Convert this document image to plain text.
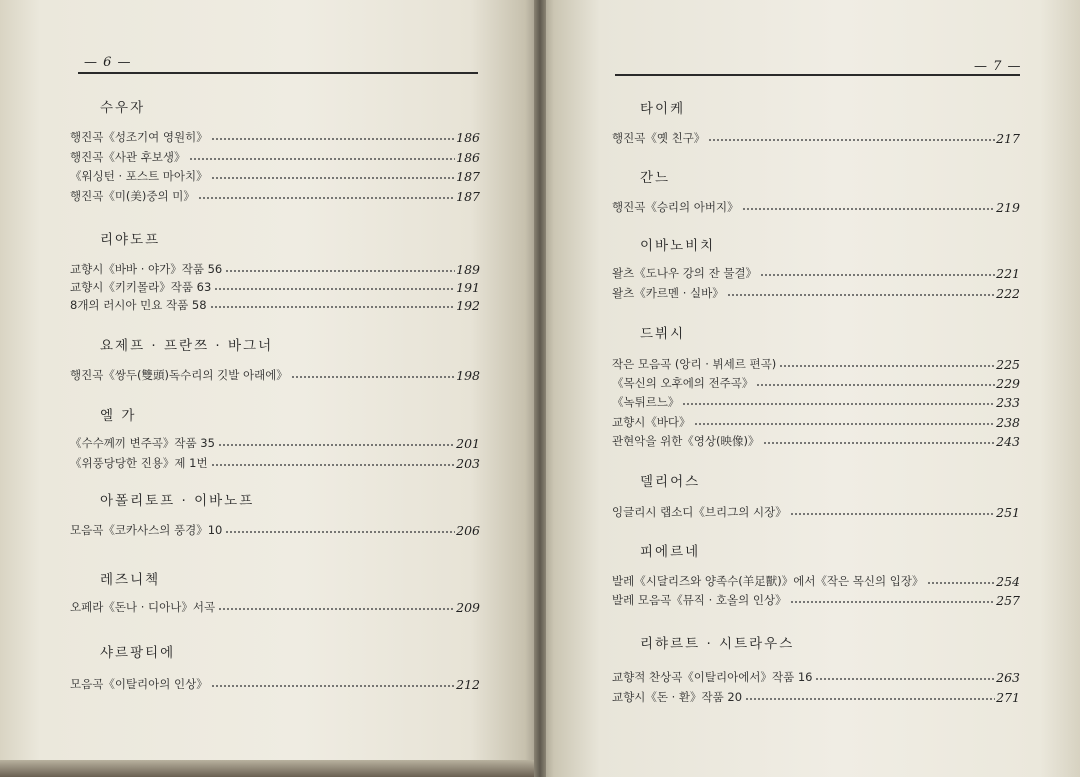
— 6 —
수우자
행진곡《성조기여 영원히》	186
행진곡《사관 후보생》	186
《워싱턴 · 포스트 마아치》	187
행진곡《미(美)중의 미》	187
리야도프
교향시《바바 · 야가》작품 56	189
교향시《키키몰라》작품 63	191
8개의 러시아 민요 작품 58	192
요제프 · 프란쯔 · 바그너
행진곡《쌍두(雙頭)독수리의 깃발 아래에》	198
엘 가
《수수께끼 변주곡》작품 35	201
《위풍당당한 진용》제 1번	203
아폴리토프 · 이바노프
모음곡《코카사스의 풍경》10	206
레즈니첵
오페라《돈나 · 디아나》서곡	209
샤르팡티에
모음곡《이탈리아의 인상》	212
— 7 —
타이케
행진곡《옛 친구》	217
간느
행진곡《승리의 아버지》	219
이바노비치
왈츠《도나우 강의 잔 물결》	221
왈츠《카르멘 · 실바》	222
드뷔시
작은 모음곡 (앙리 · 뷔세르 편곡)	225
《목신의 오후에의 전주곡》	229
《녹튀르느》	233
교향시《바다》	238
관현악을 위한《영상(映像)》	243
델리어스
잉글리시 랩소디《브리그의 시장》	251
피에르네
발레《시달리즈와 양족수(羊足獸)》에서《작은 목신의 입장》	254
발레 모음곡《뮤직 · 호올의 인상》	257
리햐르트 · 시트라우스
교향적 찬상곡《이탈리아에서》작품 16	263
교향시《돈 · 환》작품 20	271
